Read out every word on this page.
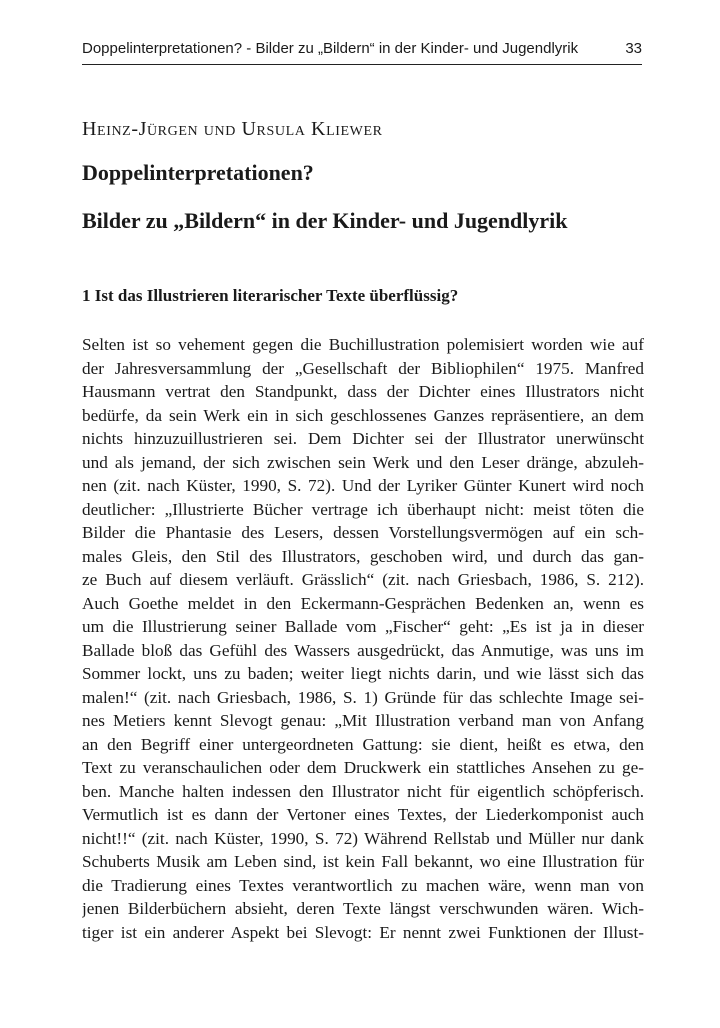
Doppelinterpretationen? - Bilder zu „Bildern“ in der Kinder- und Jugendlyrik	33
Heinz-Jürgen und Ursula Kliewer
Doppelinterpretationen?
Bilder zu „Bildern“ in der Kinder- und Jugendlyrik
1 Ist das Illustrieren literarischer Texte überflüssig?
Selten ist so vehement gegen die Buchillustration polemisiert worden wie auf
der Jahresversammlung der „Gesellschaft der Bibliophilen“ 1975. Manfred
Hausmann vertrat den Standpunkt, dass der Dichter eines Illustrators nicht
bedürfe, da sein Werk ein in sich geschlossenes Ganzes repräsentiere, an dem
nichts hinzuzuillustrieren sei. Dem Dichter sei der Illustrator unerwünscht
und als jemand, der sich zwischen sein Werk und den Leser dränge, abzuleh-
nen (zit. nach Küster, 1990, S. 72). Und der Lyriker Günter Kunert wird noch
deutlicher: „Illustrierte Bücher vertrage ich überhaupt nicht: meist töten die
Bilder die Phantasie des Lesers, dessen Vorstellungsvermögen auf ein sch-
males Gleis, den Stil des Illustrators, geschoben wird, und durch das gan-
ze Buch auf diesem verläuft. Grässlich“ (zit. nach Griesbach, 1986, S. 212).
Auch Goethe meldet in den Eckermann-Gesprächen Bedenken an, wenn es
um die Illustrierung seiner Ballade vom „Fischer“ geht: „Es ist ja in dieser
Ballade bloß das Gefühl des Wassers ausgedrückt, das Anmutige, was uns im
Sommer lockt, uns zu baden; weiter liegt nichts darin, und wie lässt sich das
malen!“ (zit. nach Griesbach, 1986, S. 1) Gründe für das schlechte Image sei-
nes Metiers kennt Slevogt genau: „Mit Illustration verband man von Anfang
an den Begriff einer untergeordneten Gattung: sie dient, heißt es etwa, den
Text zu veranschaulichen oder dem Druckwerk ein stattliches Ansehen zu ge-
ben. Manche halten indessen den Illustrator nicht für eigentlich schöpferisch.
Vermutlich ist es dann der Vertoner eines Textes, der Liederkomponist auch
nicht!!“ (zit. nach Küster, 1990, S. 72) Während Rellstab und Müller nur dank
Schuberts Musik am Leben sind, ist kein Fall bekannt, wo eine Illustration für
die Tradierung eines Textes verantwortlich zu machen wäre, wenn man von
jenen Bilderbüchern absieht, deren Texte längst verschwunden wären. Wich-
tiger ist ein anderer Aspekt bei Slevogt: Er nennt zwei Funktionen der Illust-
